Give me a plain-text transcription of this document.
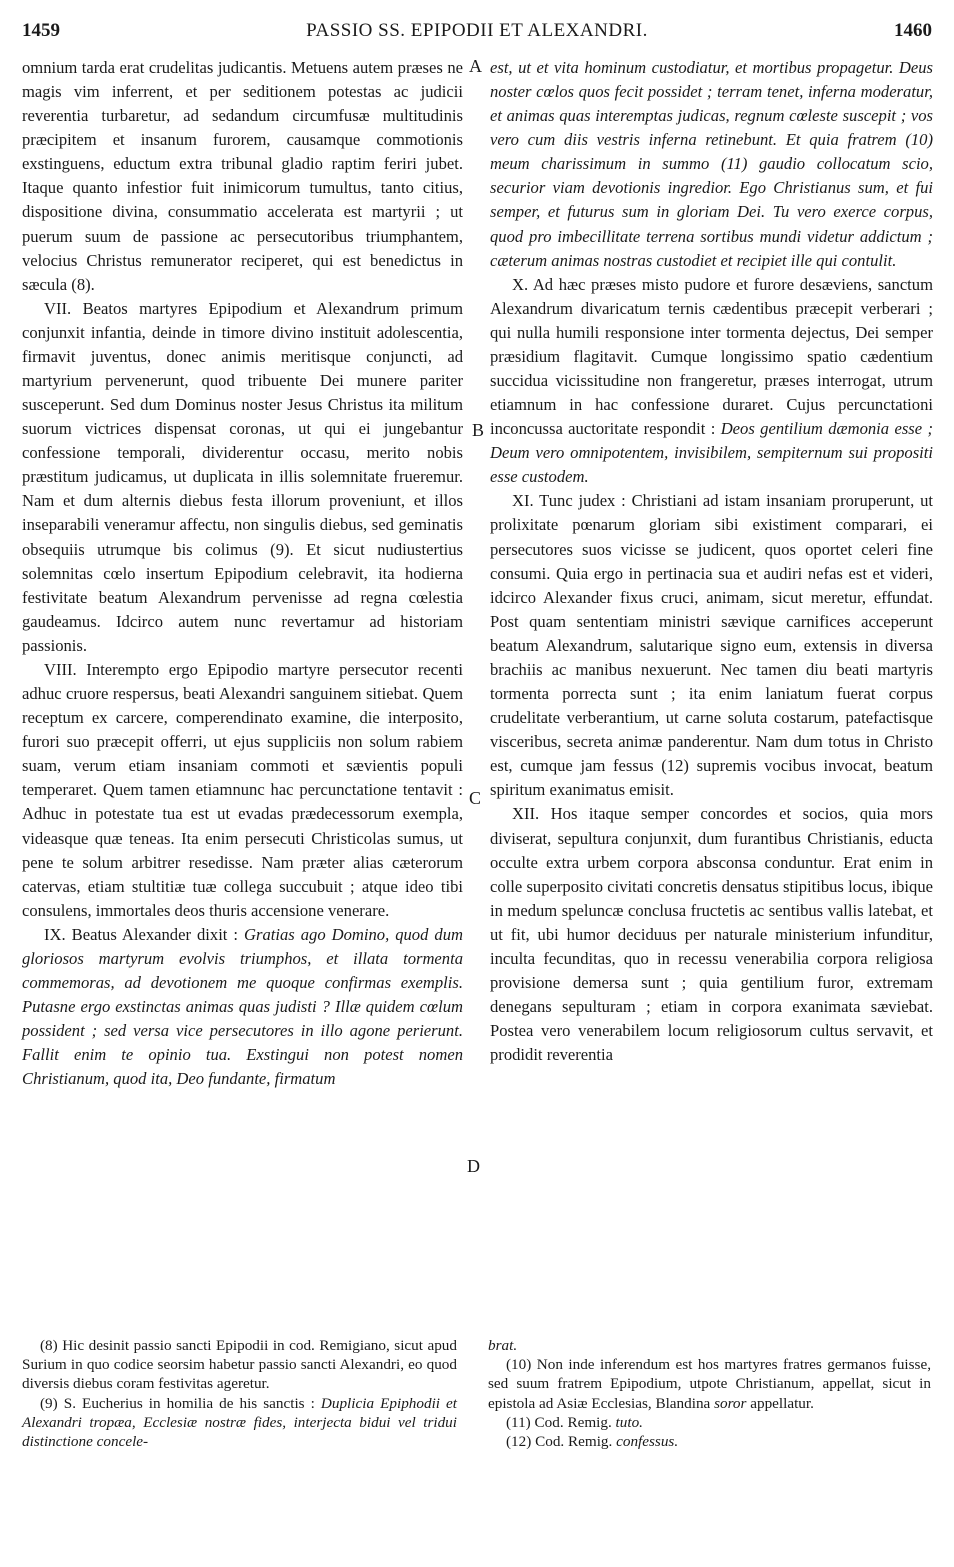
1459	PASSIO SS. EPIPODII ET ALEXANDRI.	1460
A
B
C
D

omnium tarda erat crudelitas judicantis. Metuens autem præses ne magis vim inferrent, et per seditionem potestas ac judicii reverentia turbaretur, ad sedandum circumfusæ multitudinis præcipitem et insanum furorem, causamque commotionis exstinguens, eductum extra tribunal gladio raptim feriri jubet. Itaque quanto infestior fuit inimicorum tumultus, tanto citius, dispositione divina, consummatio accelerata est martyrii ; ut puerum suum de passione ac persecutoribus triumphantem, velocius Christus remunerator reciperet, qui est benedictus in sæcula (8).

VII. Beatos martyres Epipodium et Alexandrum primum conjunxit infantia, deinde in timore divino instituit adolescentia, firmavit juventus, donec animis meritisque conjuncti, ad martyrium pervenerunt, quod tribuente Dei munere pariter susceperunt. Sed dum Dominus noster Jesus Christus ita militum suorum victrices dispensat coronas, ut qui ei jungebantur confessione temporali, dividerentur occasu, merito nobis præstitum judicamus, ut duplicata in illis solemnitate frueremur. Nam et dum alternis diebus festa illorum proveniunt, et illos inseparabili veneramur affectu, non singulis diebus, sed geminatis obsequiis utrumque bis colimus (9). Et sicut nudiustertius solemnitas cœlo insertum Epipodium celebravit, ita hodierna festivitate beatum Alexandrum pervenisse ad regna cœlestia gaudeamus. Idcirco autem nunc revertamur ad historiam passionis.

VIII. Interempto ergo Epipodio martyre persecutor recenti adhuc cruore respersus, beati Alexandri sanguinem sitiebat. Quem receptum ex carcere, comperendinato examine, die interposito, furori suo præcepit offerri, ut ejus suppliciis non solum rabiem suam, verum etiam insaniam commoti et sævientis populi temperaret. Quem tamen etiamnunc hac percunctatione tentavit : Adhuc in potestate tua est ut evadas prædecessorum exempla, videasque quæ teneas. Ita enim persecuti Christicolas sumus, ut pene te solum arbitrer resedisse. Nam præter alias cæterorum catervas, etiam stultitiæ tuæ collega succubuit ; atque ideo tibi consulens, immortales deos thuris accensione venerare.

IX. Beatus Alexander dixit : Gratias ago Domino, quod dum gloriosos martyrum evolvis triumphos, et illata tormenta commemoras, ad devotionem me quoque confirmas exemplis. Putasne ergo exstinctas animas quas judisti ? Illæ quidem cœlum possident ; sed versa vice persecutores in illo agone perierunt. Fallit enim te opinio tua. Exstingui non potest nomen Christianum, quod ita, Deo fundante, firmatum

est, ut et vita hominum custodiatur, et mortibus propagetur. Deus noster cœlos quos fecit possidet ; terram tenet, inferna moderatur, et animas quas interemptas judicas, regnum cœleste suscepit ; vos vero cum diis vestris inferna retinebunt. Et quia fratrem (10) meum charissimum in summo (11) gaudio collocatum scio, securior viam devotionis ingredior. Ego Christianus sum, et fui semper, et futurus sum in gloriam Dei. Tu vero exerce corpus, quod pro imbecillitate terrena sortibus mundi videtur addictum ; cæterum animas nostras custodiet et recipiet ille qui contulit.

X. Ad hæc præses misto pudore et furore desæviens, sanctum Alexandrum divaricatum ternis cædentibus præcepit verberari ; qui nulla humili responsione inter tormenta dejectus, Dei semper præsidium flagitavit. Cumque longissimo spatio cædentium succidua vicissitudine non frangeretur, præses interrogat, utrum etiamnum in hac confessione duraret. Cujus percunctationi inconcussa auctoritate respondit : Deos gentilium dæmonia esse ; Deum vero omnipotentem, invisibilem, sempiternum sui propositi esse custodem.

XI. Tunc judex : Christiani ad istam insaniam proruperunt, ut prolixitate pœnarum gloriam sibi existiment comparari, ei persecutores suos vicisse se judicent, quos oportet celeri fine consumi. Quia ergo in pertinacia sua et audiri nefas est et videri, idcirco Alexander fixus cruci, animam, sicut meretur, effundat. Post quam sententiam ministri sævique carnifices acceperunt beatum Alexandrum, salutarique signo eum, extensis in diversa brachiis ac manibus nexuerunt. Nec tamen diu beati martyris tormenta porrecta sunt ; ita enim laniatum fuerat corpus crudelitate verberantium, ut carne soluta costarum, patefactisque visceribus, secreta animæ panderentur. Nam dum totus in Christo est, cumque jam fessus (12) supremis vocibus invocat, beatum spiritum exanimatus emisit.

XII. Hos itaque semper concordes et socios, quia mors diviserat, sepultura conjunxit, dum furantibus Christianis, educta occulte extra urbem corpora absconsa conduntur. Erat enim in colle superposito civitati concretis densatus stipitibus locus, ibique in medum speluncæ conclusa fructetis ac sentibus vallis latebat, et ut fit, ubi humor deciduus per naturale ministerium infunditur, inculta fecunditas, quo in recessu venerabilia corpora religiosa provisione demersa sunt ; quia gentilium furor, extremam denegans sepulturam ; etiam in corpora exanimata sæviebat. Postea vero venerabilem locum religiosorum cultus servavit, et prodidit reverentia

(8) Hic desinit passio sancti Epipodii in cod. Remigiano, sicut apud Surium in quo codice seorsim habetur passio sancti Alexandri, eo quod diversis diebus coram festivitas ageretur.

(9) S. Eucherius in homilia de his sanctis : Duplicia Epiphodii et Alexandri tropæa, Ecclesiæ nostræ fides, interjecta bidui vel tridui distinctione concele-

brat.

(10) Non inde inferendum est hos martyres fratres germanos fuisse, sed suum fratrem Epipodium, utpote Christianum, appellat, sicut in epistola ad Asiæ Ecclesias, Blandina soror appellatur.

(11) Cod. Remig. tuto.

(12) Cod. Remig. confessus.
